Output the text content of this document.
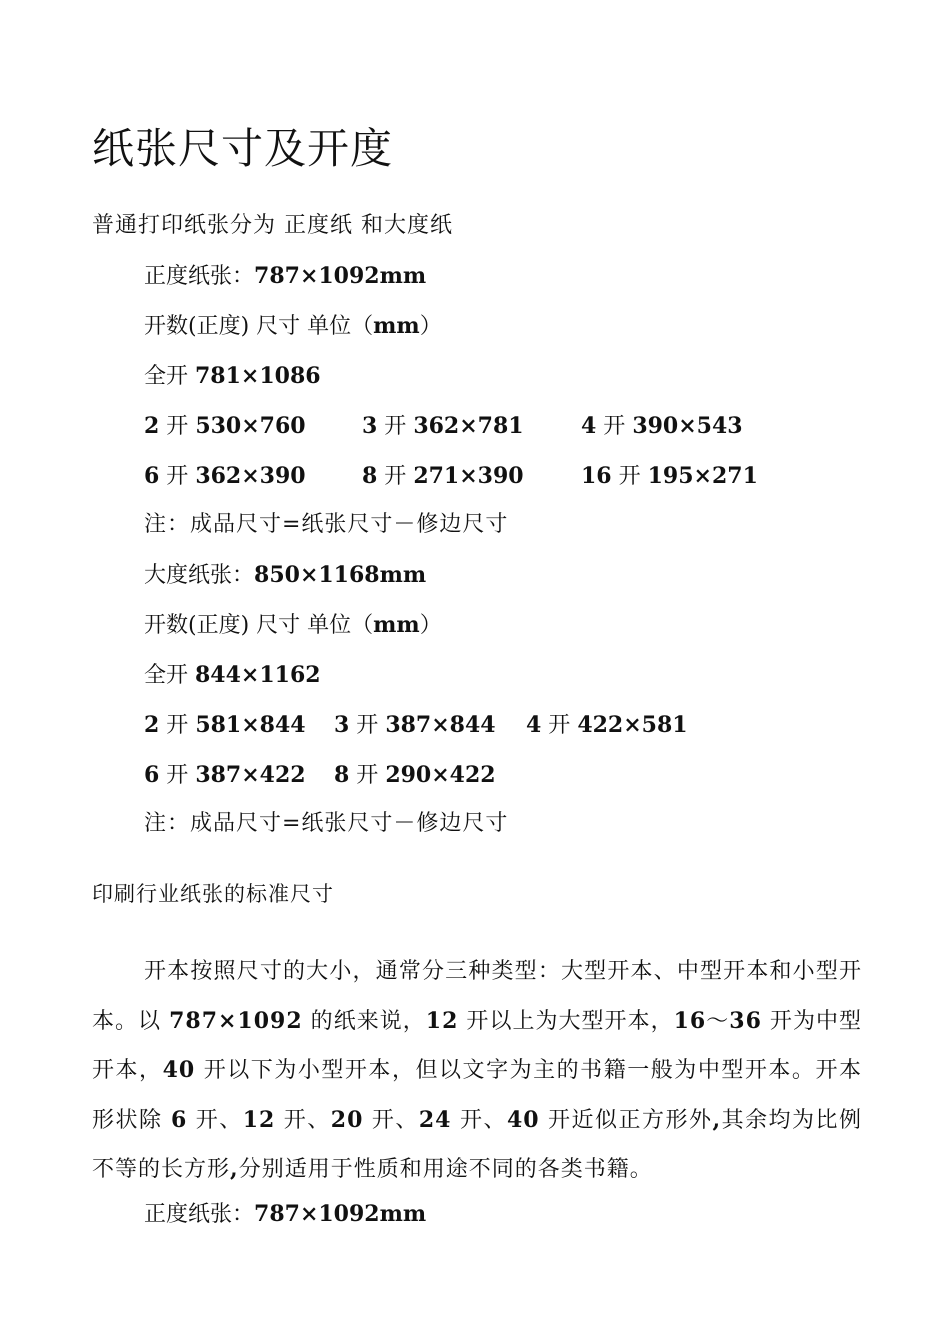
纸张尺寸及开度
普通打印纸张分为 正度纸 和大度纸
正度纸张：787×1092mm
开数(正度) 尺寸 单位（mm）
全开 781×1086
2 开 530×760	3 开 362×781	4 开 390×543
6 开 362×390	8 开 271×390	16 开 195×271
注：成品尺寸=纸张尺寸－修边尺寸
大度纸张：850×1168mm
开数(正度) 尺寸 单位（mm）
全开 844×1162
2 开 581×844 3 开 387×844 4 开 422×581
6 开 387×422 8 开 290×422
注：成品尺寸=纸张尺寸－修边尺寸
印刷行业纸张的标准尺寸
开本按照尺寸的大小，通常分三种类型：大型开本、中型开本和小型开本。以 787×1092 的纸来说，12 开以上为大型开本，16～36 开为中型开本，40 开以下为小型开本，但以文字为主的书籍一般为中型开本。开本形状除 6 开、12 开、20 开、24 开、40 开近似正方形外,其余均为比例不等的长方形,分别适用于性质和用途不同的各类书籍。
正度纸张：787×1092mm
